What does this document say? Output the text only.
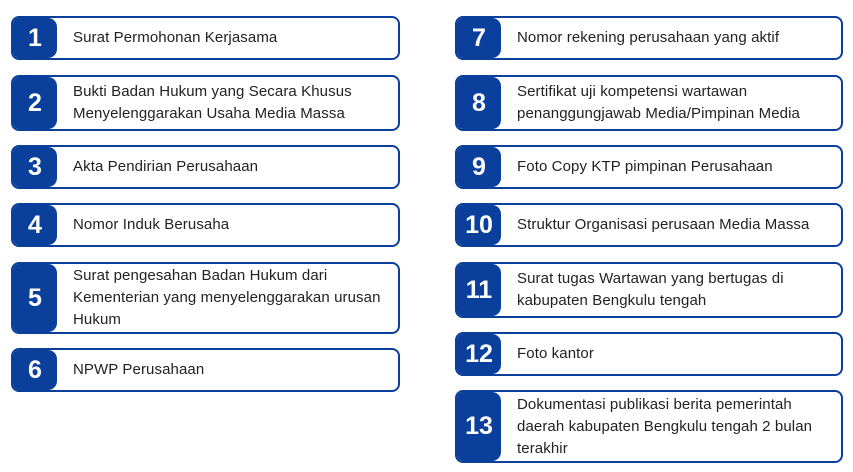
1	Surat Permohonan Kerjasama
2	Bukti Badan Hukum yang Secara Khusus Menyelenggarakan Usaha Media Massa
3	Akta Pendirian Perusahaan
4	Nomor Induk Berusaha
5
Surat pengesahan Badan Hukum dari Kementerian yang menyelenggarakan urusan Hukum
6	NPWP Perusahaan
7	Nomor rekening perusahaan yang aktif
8	Sertifikat uji kompetensi wartawan penanggungjawab Media/Pimpinan Media
9	Foto Copy KTP pimpinan Perusahaan
10	Struktur Organisasi perusaan Media Massa
11	Surat tugas Wartawan yang bertugas di kabupaten Bengkulu tengah
12	Foto kantor
13
Dokumentasi publikasi berita pemerintah daerah kabupaten Bengkulu tengah 2 bulan terakhir
